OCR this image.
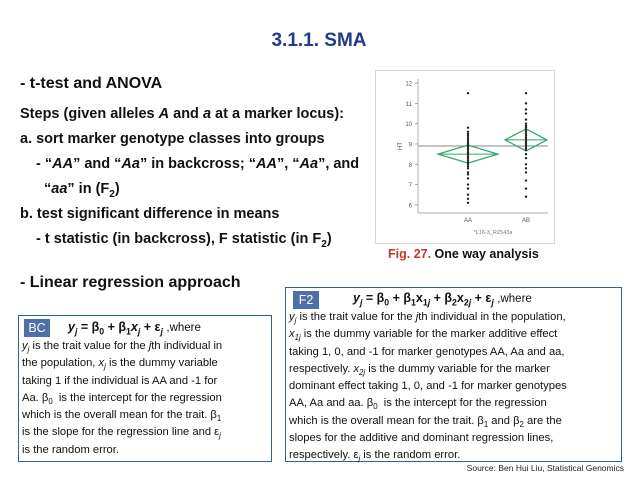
3.1.1. SMA
- t-test and ANOVA
Steps (given alleles A and a at a marker locus):
a. sort marker genotype classes into groups
- “AA” and “Aa” in backcross; “AA”, “Aa”, and
“aa” in $(F_2)$
b. test significant difference in means
- t statistic (in backcross), F statistic (in $F_2$)
- Linear regression approach
12
11
10
9
8
7
6
HT
AA	AB
*L16-3_RZ543a
Fig. 27. One way analysis
F2	$y_j = \beta_0 + \beta_1x_{1j} + \beta_2x_{2j} + \varepsilon_j$ ,where
$y_j$ is the trait value for the jth individual in the population,
$x_{1j}$ is the dummy variable for the marker additive effect
taking 1, 0, and -1 for marker genotypes AA, Aa and aa,
respectively. $x_{2j}$ is the dummy variable for the marker
dominant effect taking 1, 0, and -1 for marker genotypes
AA, Aa and aa. $\beta_0$  is the intercept for the regression
which is the overall mean for the trait. $\beta_1$ and $\beta_2$ are the
slopes for the additive and dominant regression lines,
respectively. $\varepsilon_j$ is the random error.
BC	$y_j = \beta_0 + \beta_1x_j + \varepsilon_j$ ,where
$y_j$ is the trait value for the jth individual in
the population, $x_j$ is the dummy variable
taking 1 if the individual is AA and -1 for
Aa. $\beta_0$  is the intercept for the regression
which is the overall mean for the trait. $\beta_1$
is the slope for the regression line and $\varepsilon_j$
is the random error.
Source: Ben Hui Liu, Statistical Genomics
